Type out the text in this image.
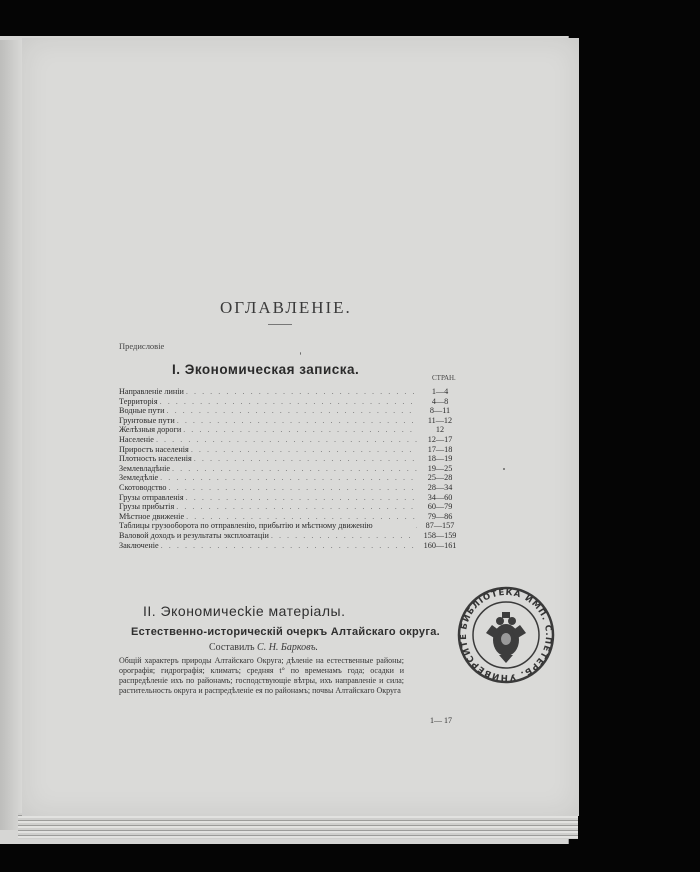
ОГЛАВЛЕНІЕ.
Предисловіе
I. Экономическая записка.
СТРАН.
Направленіе линіи . . .	1—4
Территорія . . .	4—8
Водные пути . . .	8—11
Грунтовые пути . . .	11—12
Желѣзныя дороги . . .	12
Населеніе . . .	12—17
Приростъ населенія . . .	17—18
Плотность населенія . . .	18—19
Землевладѣніе . . .	19—25
Земледѣліе . . .	25—28
Скотоводство . . .	28—34
Грузы отправленія . . .	34—60
Грузы прибытія . . .	60—79
Мѣстное движеніе . . .	79—86
Таблицы грузооборота по отправленію, прибытію и мѣстному движенію . . .	87—157
Валовой доходъ и результаты эксплоатаціи . . .	158—159
Заключеніе . . .	160—161
II. Экономичеckіе матеріалы.
Естественно-историческій очеркъ Алтайскаго округа.
Составилъ С. Н. Барковъ.
Общій характеръ природы Алтайскаго Округа; дѣленіе на естественные районы; орографія; гидрографія; климатъ; средняя t° по временамъ года; осадки и распредѣленіе ихъ по районамъ; господствующіе вѣтры, ихъ направленіе и сила; растительность округа и распредѣленіе ея по районамъ; почвы Алтайскаго Округа
1— 17
БИБЛІОТЕКА ИМП. С.ПЕТЕРБ. УНИВЕРСИТЕ
